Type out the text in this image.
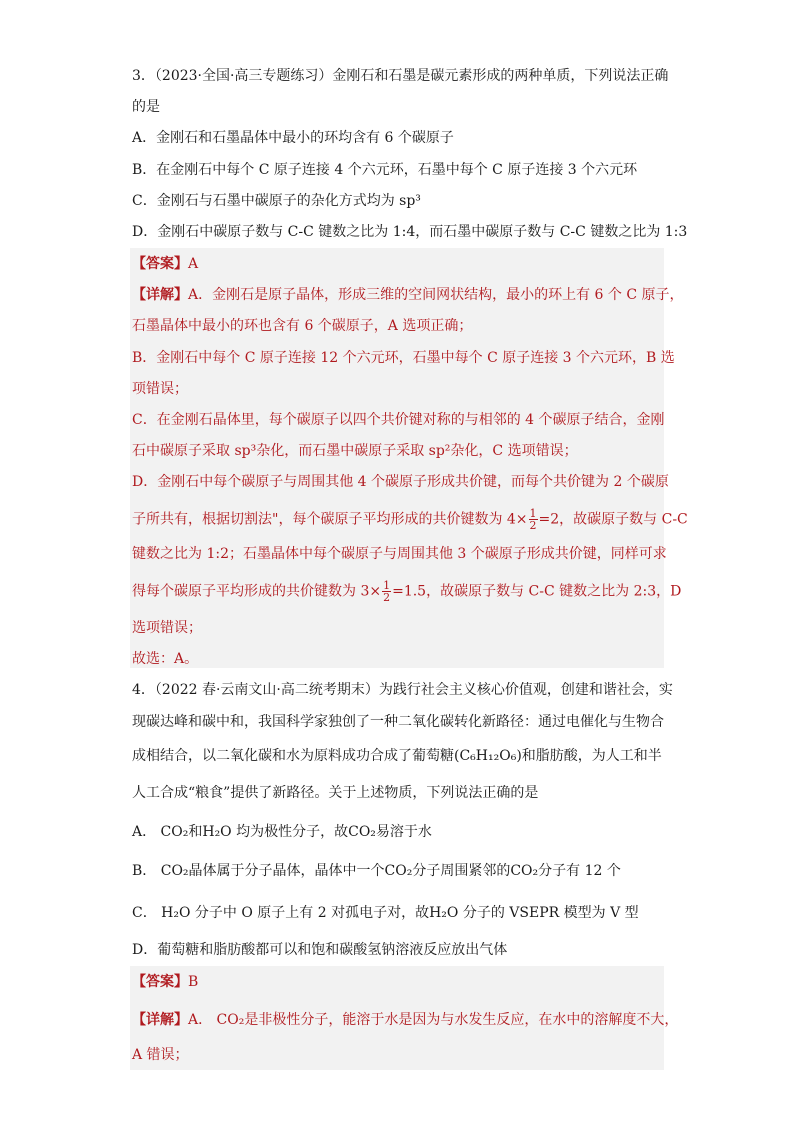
3．（2023·全国·高三专题练习）金刚石和石墨是碳元素形成的两种单质，下列说法正确
的是
A．金刚石和石墨晶体中最小的环均含有 6 个碳原子
B．在金刚石中每个 C 原子连接 4 个六元环，石墨中每个 C 原子连接 3 个六元环
C．金刚石与石墨中碳原子的杂化方式均为 sp³
D．金刚石中碳原子数与 C-C 键数之比为 1:4，而石墨中碳原子数与 C-C 键数之比为 1:3
【答案】A
【详解】A．金刚石是原子晶体，形成三维的空间网状结构，最小的环上有 6 个 C 原子，
石墨晶体中最小的环也含有 6 个碳原子，A 选项正确；
B．金刚石中每个 C 原子连接 12 个六元环，石墨中每个 C 原子连接 3 个六元环，B 选
项错误；
C．在金刚石晶体里，每个碳原子以四个共价键对称的与相邻的 4 个碳原子结合，金刚
石中碳原子采取 sp³杂化，而石墨中碳原子采取 sp²杂化，C 选项错误；
D．金刚石中每个碳原子与周围其他 4 个碳原子形成共价键，而每个共价键为 2 个碳原
子所共有，根据切割法"，每个碳原子平均形成的共价键数为 $4\times \frac{1}{2} =2$，故碳原子数与 C-C
键数之比为 1:2；石墨晶体中每个碳原子与周围其他 3 个碳原子形成共价键，同样可求
得每个碳原子平均形成的共价键数为 $3\times \frac{1}{2} =1.5$，故碳原子数与 C-C 键数之比为 2:3，D
选项错误；
故选：A。
4．（2022 春·云南文山·高二统考期末）为践行社会主义核心价值观，创建和谐社会，实
现碳达峰和碳中和，我国科学家独创了一种二氧化碳转化新路径：通过电催化与生物合
成相结合，以二氧化碳和水为原料成功合成了葡萄糖(C₆H₁₂O₆)和脂肪酸，为人工和半
人工合成“粮食”提供了新路径。关于上述物质，下列说法正确的是
A． CO₂和H₂O 均为极性分子，故CO₂易溶于水
B． CO₂晶体属于分子晶体，晶体中一个CO₂分子周围紧邻的CO₂分子有 12 个
C． H₂O 分子中 O 原子上有 2 对孤电子对，故H₂O 分子的 VSEPR 模型为 V 型
D．葡萄糖和脂肪酸都可以和饱和碳酸氢钠溶液反应放出气体
【答案】B
【详解】A． CO₂是非极性分子，能溶于水是因为与水发生反应，在水中的溶解度不大，
A 错误；
